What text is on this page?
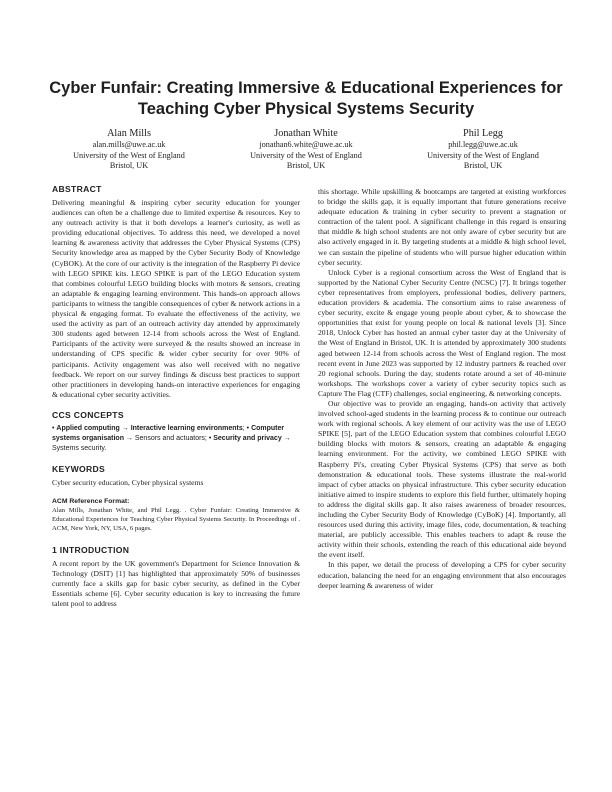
Cyber Funfair: Creating Immersive & Educational Experiences for Teaching Cyber Physical Systems Security
Alan Mills
alan.mills@uwe.ac.uk
University of the West of England
Bristol, UK
Jonathan White
jonathan6.white@uwe.ac.uk
University of the West of England
Bristol, UK
Phil Legg
phil.legg@uwe.ac.uk
University of the West of England
Bristol, UK
ABSTRACT

Delivering meaningful & inspiring cyber security education for younger audiences can often be a challenge due to limited expertise & resources. Key to any outreach activity is that it both develops a learner's curiosity, as well as providing educational objectives. To address this need, we developed a novel learning & awareness activity that addresses the Cyber Physical Systems (CPS) Security knowledge area as mapped by the Cyber Security Body of Knowledge (CyBOK). At the core of our activity is the integration of the Raspberry Pi device with LEGO SPIKE kits. LEGO SPIKE is part of the LEGO Education system that combines colourful LEGO building blocks with motors & sensors, creating an adaptable & engaging learning environment. This hands-on approach allows participants to witness the tangible consequences of cyber & network actions in a physical & engaging format. To evaluate the effectiveness of the activity, we used the activity as part of an outreach activity day attended by approximately 300 students aged between 12-14 from schools across the West of England. Participants of the activity were surveyed & the results showed an increase in understanding of CPS specific & wider cyber security for over 90% of participants. Activity engagement was also well received with no negative feedback. We report on our survey findings & discuss best practices to support other practitioners in developing hands-on interactive experiences for engaging & educational cyber security activities.

CCS CONCEPTS
• Applied computing → Interactive learning environments; • Computer systems organisation → Sensors and actuators; • Security and privacy → Systems security.
KEYWORDS

Cyber security education, Cyber physical systems

ACM Reference Format:

Alan Mills, Jonathan White, and Phil Legg. . Cyber Funfair: Creating Immersive & Educational Experiences for Teaching Cyber Physical Systems Security. In Proceedings of . ACM, New York, NY, USA, 6 pages.

1 INTRODUCTION

A recent report by the UK government's Department for Science Innovation & Technology (DSIT) [1] has highlighted that approximately 50% of businesses currently face a skills gap for basic cyber security, as defined in the Cyber Essentials scheme [6]. Cyber security education is key to increasing the future talent pool to address

this shortage. While upskilling & bootcamps are targeted at existing workforces to bridge the skills gap, it is equally important that future generations receive adequate education & training in cyber security to prevent a stagnation or contraction of the talent pool. A significant challenge in this regard is ensuring that middle & high school students are not only aware of cyber security but are also actively engaged in it. By targeting students at a middle & high school level, we can sustain the pipeline of students who will pursue higher education within cyber security.

Unlock Cyber is a regional consortium across the West of England that is supported by the National Cyber Security Centre (NCSC) [7]. It brings together cyber representatives from employers, professional bodies, delivery partners, education providers & academia. The consortium aims to raise awareness of cyber security, excite & engage young people about cyber, & to showcase the opportunities that exist for young people on local & national levels [3]. Since 2018, Unlock Cyber has hosted an annual cyber taster day at the University of the West of England in Bristol, UK. It is attended by approximately 300 students aged between 12-14 from schools across the West of England region. The most recent event in June 2023 was supported by 12 industry partners & reached over 20 regional schools. During the day, students rotate around a set of 40-minute workshops. The workshops cover a variety of cyber security topics such as Capture The Flag (CTF) challenges, social engineering, & networking concepts.

Our objective was to provide an engaging, hands-on activity that actively involved school-aged students in the learning process & to continue our outreach work with regional schools. A key element of our activity was the use of LEGO SPIKE [5], part of the LEGO Education system that combines colourful LEGO building blocks with motors & sensors, creating an adaptable & engaging learning environment. For the activity, we combined LEGO SPIKE with Raspberry Pi's, creating Cyber Physical Systems (CPS) that serve as both demonstration & educational tools. These systems illustrate the real-world impact of cyber attacks on physical infrastructure. This cyber security education initiative aimed to inspire students to explore this field further, ultimately hoping to address the digital skills gap. It also raises awareness of broader resources, including the Cyber Security Body of Knowledge (CyBoK) [4]. Importantly, all resources used during this activity, image files, code, documentation, & teaching material, are publicly accessible. This enables teachers to adapt & reuse the activity within their schools, extending the reach of this educational aide beyond the event itself.

In this paper, we detail the process of developing a CPS for cyber security education, balancing the need for an engaging environment that also encourages deeper learning & awareness of wider
